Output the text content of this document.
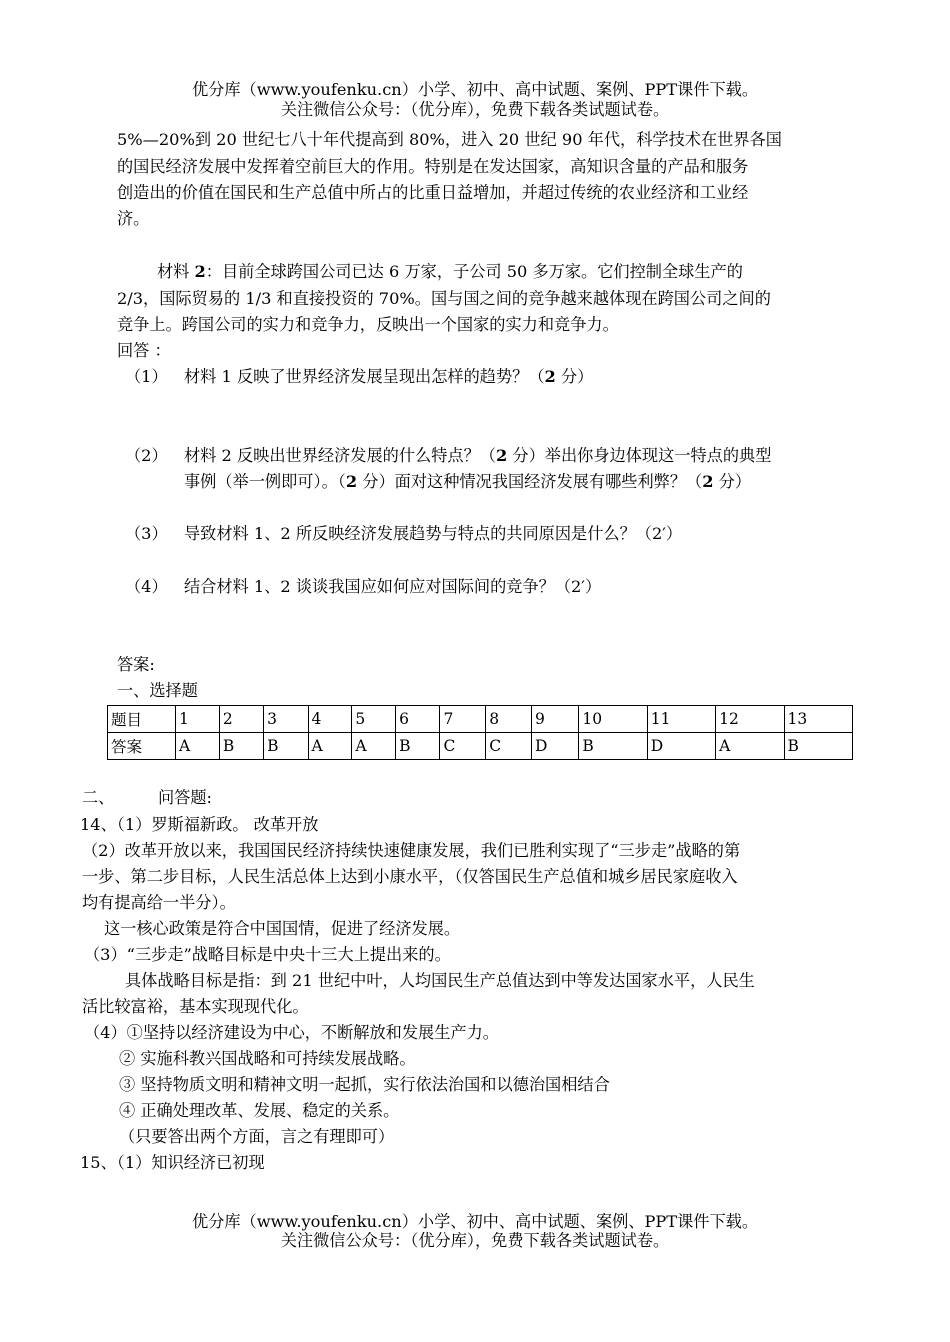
优分库（www.youfenku.cn）小学、初中、高中试题、案例、PPT课件下载。
关注微信公众号：（优分库），免费下载各类试题试卷。
5%—20%到 20 世纪七八十年代提高到 80%，进入 20 世纪 90 年代，科学技术在世界各国
的国民经济发展中发挥着空前巨大的作用。特别是在发达国家，高知识含量的产品和服务
创造出的价值在国民和生产总值中所占的比重日益增加，并超过传统的农业经济和工业经
济。
材料 2：目前全球跨国公司已达 6 万家，子公司 50 多万家。它们控制全球生产的
2/3，国际贸易的 1/3 和直接投资的 70%。国与国之间的竞争越来越体现在跨国公司之间的
竞争上。跨国公司的实力和竞争力，反映出一个国家的实力和竞争力。
回答 ：
（1） 材料 1 反映了世界经济发展呈现出怎样的趋势？（2 分）
（2） 材料 2 反映出世界经济发展的什么特点？（2 分）举出你身边体现这一特点的典型
事例（举一例即可）。（2 分）面对这种情况我国经济发展有哪些利弊？（2 分）
（3） 导致材料 1、2 所反映经济发展趋势与特点的共同原因是什么？（2′）
（4） 结合材料 1、2 谈谈我国应如何应对国际间的竞争？（2′）
答案:
一、选择题
题目	1	2	3	4	5	6	7	8	9	10	11	12	13
答案	A	B	B	A	A	B	C	C	D	B	D	A	B
二、	问答题:
14、（1）罗斯福新政。 改革开放
（2）改革开放以来，我国国民经济持续快速健康发展，我们已胜利实现了“三步走”战略的第
一步、第二步目标，人民生活总体上达到小康水平，（仅答国民生产总值和城乡居民家庭收入
均有提高给一半分）。
这一核心政策是符合中国国情，促进了经济发展。
（3）“三步走”战略目标是中央十三大上提出来的。
具体战略目标是指：到 21 世纪中叶，人均国民生产总值达到中等发达国家水平，人民生
活比较富裕，基本实现现代化。
（4）①坚持以经济建设为中心，不断解放和发展生产力。
② 实施科教兴国战略和可持续发展战略。
③ 坚持物质文明和精神文明一起抓，实行依法治国和以德治国相结合
④ 正确处理改革、发展、稳定的关系。
（只要答出两个方面，言之有理即可）
15、（1）知识经济已初现
优分库（www.youfenku.cn）小学、初中、高中试题、案例、PPT课件下载。
关注微信公众号：（优分库），免费下载各类试题试卷。
